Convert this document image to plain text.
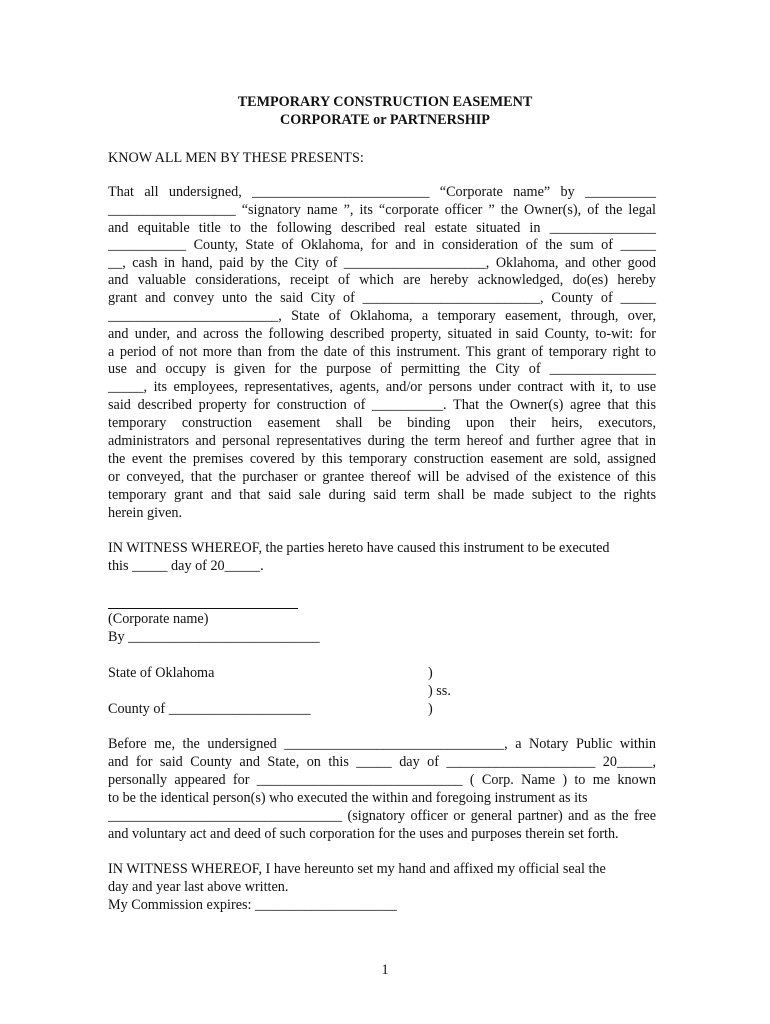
TEMPORARY CONSTRUCTION EASEMENT
CORPORATE or PARTNERSHIP
KNOW ALL MEN BY THESE PRESENTS:
That all undersigned, _________________________ “Corporate name” by __________
__________________ “signatory name ”, its “corporate officer ” the Owner(s), of the legal
and equitable title to the following described real estate situated in _______________
___________ County, State of Oklahoma, for and in consideration of the sum of _____
__, cash in hand, paid by the City of ____________________, Oklahoma, and other good
and valuable considerations, receipt of which are hereby acknowledged, do(es) hereby
grant and convey unto the said City of _________________________, County of _____
________________________, State of Oklahoma, a temporary easement, through, over,
and under, and across the following described property, situated in said County, to-wit: for
a period of not more than from the date of this instrument. This grant of temporary right to
use and occupy is given for the purpose of permitting the City of _______________
_____, its employees, representatives, agents, and/or persons under contract with it, to use
said described property for construction of __________. That the Owner(s) agree that this
temporary construction easement shall be binding upon their heirs, executors,
administrators and personal representatives during the term hereof and further agree that in
the event the premises covered by this temporary construction easement are sold, assigned
or conveyed, that the purchaser or grantee thereof will be advised of the existence of this
temporary grant and that said sale during said term shall be made subject to the rights
herein given.
IN WITNESS WHEREOF, the parties hereto have caused this instrument to be executed
this _____ day of 20_____.
(Corporate name)
By ___________________________
State of Oklahoma	)
) ss.
County of ____________________	)
Before me, the undersigned _______________________________, a Notary Public within
and for said County and State, on this _____ day of _____________________ 20_____,
personally appeared for _____________________________ ( Corp. Name ) to me known
to be the identical person(s) who executed the within and foregoing instrument as its
_________________________________ (signatory officer or general partner) and as the free
and voluntary act and deed of such corporation for the uses and purposes therein set forth.
IN WITNESS WHEREOF, I have hereunto set my hand and affixed my official seal the
day and year last above written.
My Commission expires: ____________________
1
